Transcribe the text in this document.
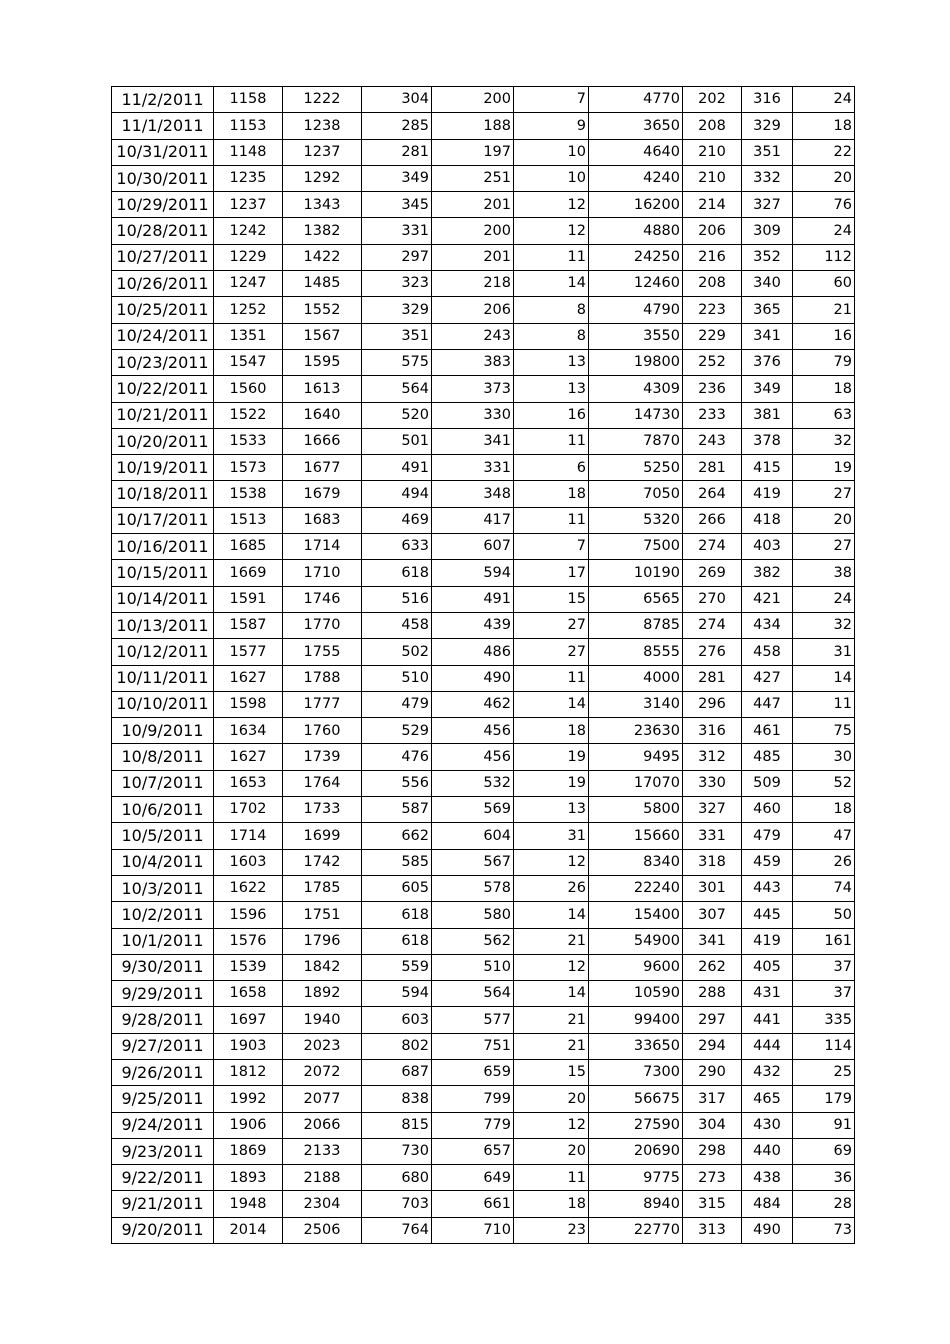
11/2/2011	1158	1222	304	200	7	4770	202	316	24
11/1/2011	1153	1238	285	188	9	3650	208	329	18
10/31/2011	1148	1237	281	197	10	4640	210	351	22
10/30/2011	1235	1292	349	251	10	4240	210	332	20
10/29/2011	1237	1343	345	201	12	16200	214	327	76
10/28/2011	1242	1382	331	200	12	4880	206	309	24
10/27/2011	1229	1422	297	201	11	24250	216	352	112
10/26/2011	1247	1485	323	218	14	12460	208	340	60
10/25/2011	1252	1552	329	206	8	4790	223	365	21
10/24/2011	1351	1567	351	243	8	3550	229	341	16
10/23/2011	1547	1595	575	383	13	19800	252	376	79
10/22/2011	1560	1613	564	373	13	4309	236	349	18
10/21/2011	1522	1640	520	330	16	14730	233	381	63
10/20/2011	1533	1666	501	341	11	7870	243	378	32
10/19/2011	1573	1677	491	331	6	5250	281	415	19
10/18/2011	1538	1679	494	348	18	7050	264	419	27
10/17/2011	1513	1683	469	417	11	5320	266	418	20
10/16/2011	1685	1714	633	607	7	7500	274	403	27
10/15/2011	1669	1710	618	594	17	10190	269	382	38
10/14/2011	1591	1746	516	491	15	6565	270	421	24
10/13/2011	1587	1770	458	439	27	8785	274	434	32
10/12/2011	1577	1755	502	486	27	8555	276	458	31
10/11/2011	1627	1788	510	490	11	4000	281	427	14
10/10/2011	1598	1777	479	462	14	3140	296	447	11
10/9/2011	1634	1760	529	456	18	23630	316	461	75
10/8/2011	1627	1739	476	456	19	9495	312	485	30
10/7/2011	1653	1764	556	532	19	17070	330	509	52
10/6/2011	1702	1733	587	569	13	5800	327	460	18
10/5/2011	1714	1699	662	604	31	15660	331	479	47
10/4/2011	1603	1742	585	567	12	8340	318	459	26
10/3/2011	1622	1785	605	578	26	22240	301	443	74
10/2/2011	1596	1751	618	580	14	15400	307	445	50
10/1/2011	1576	1796	618	562	21	54900	341	419	161
9/30/2011	1539	1842	559	510	12	9600	262	405	37
9/29/2011	1658	1892	594	564	14	10590	288	431	37
9/28/2011	1697	1940	603	577	21	99400	297	441	335
9/27/2011	1903	2023	802	751	21	33650	294	444	114
9/26/2011	1812	2072	687	659	15	7300	290	432	25
9/25/2011	1992	2077	838	799	20	56675	317	465	179
9/24/2011	1906	2066	815	779	12	27590	304	430	91
9/23/2011	1869	2133	730	657	20	20690	298	440	69
9/22/2011	1893	2188	680	649	11	9775	273	438	36
9/21/2011	1948	2304	703	661	18	8940	315	484	28
9/20/2011	2014	2506	764	710	23	22770	313	490	73
